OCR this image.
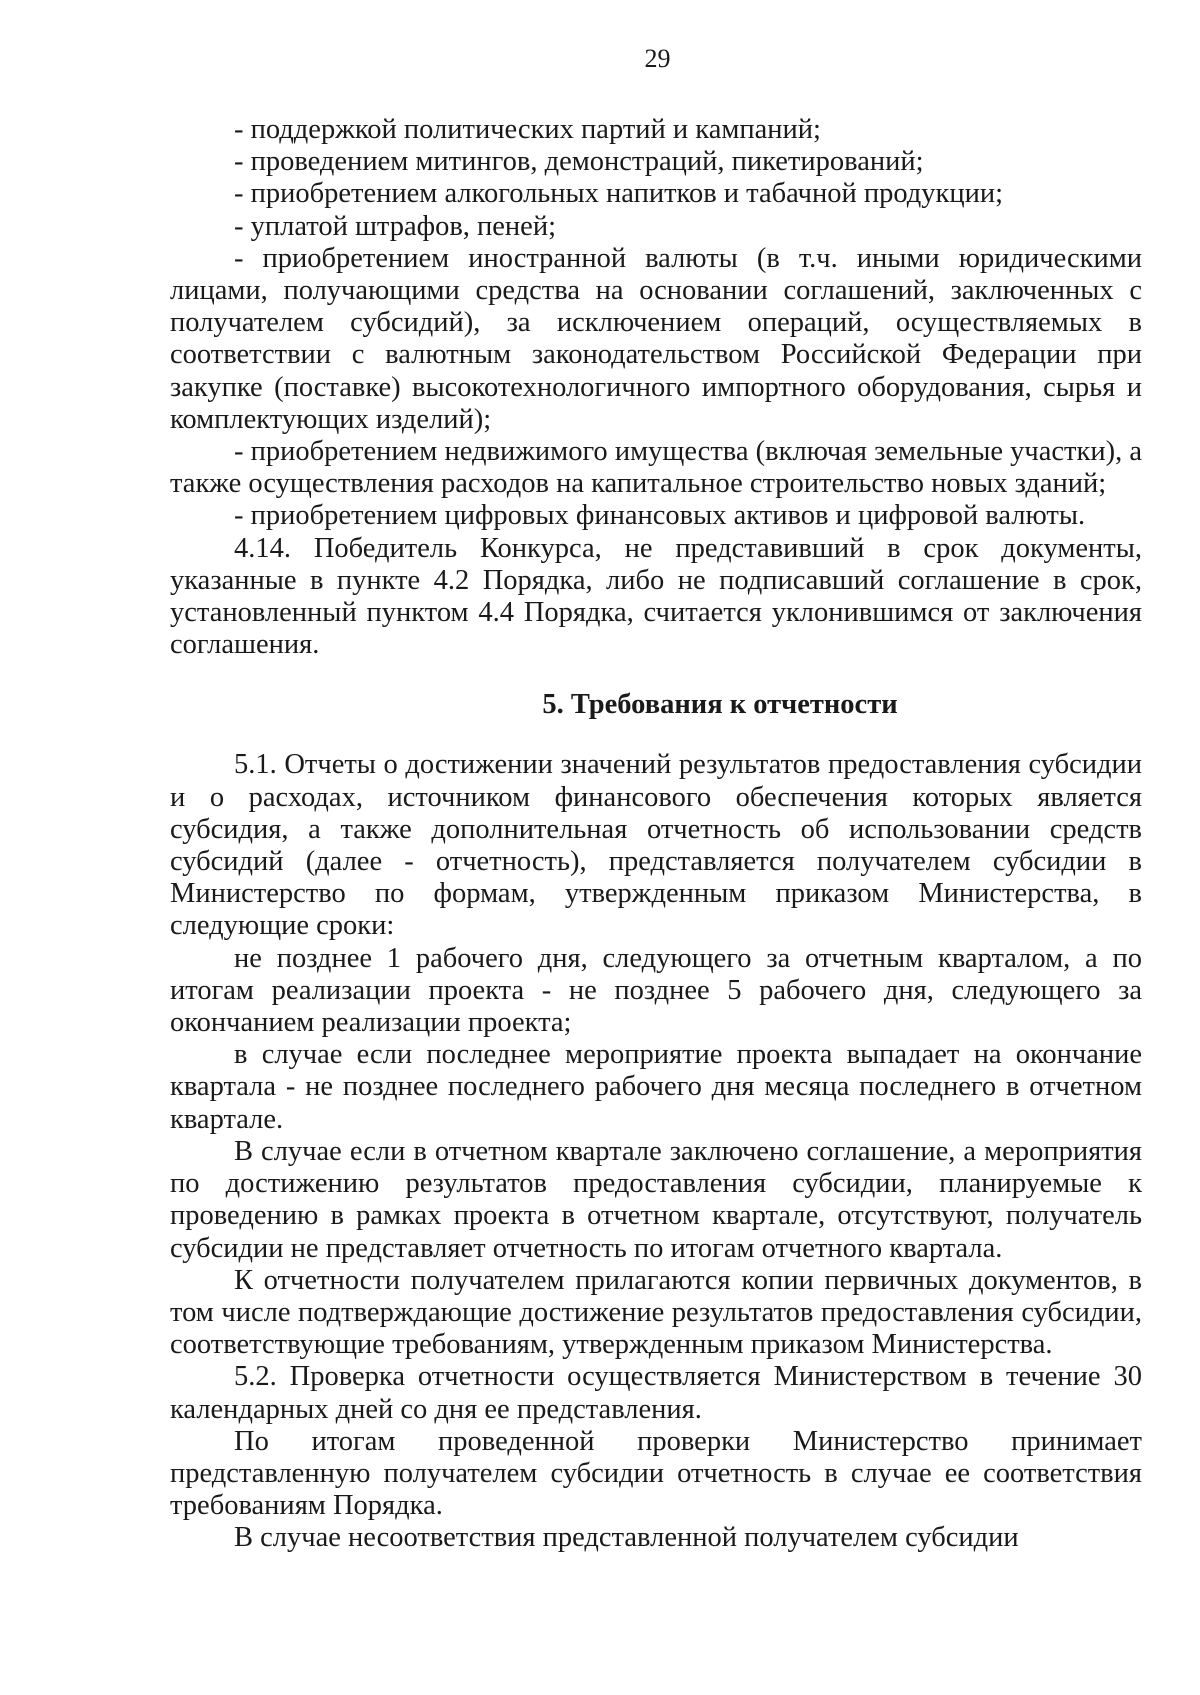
29

- поддержкой политических партий и кампаний;

- проведением митингов, демонстраций, пикетирований;

- приобретением алкогольных напитков и табачной продукции;

- уплатой штрафов, пеней;

- приобретением иностранной валюты (в т.ч. иными юридическими лицами, получающими средства на основании соглашений, заключенных с получателем субсидий), за исключением операций, осуществляемых в соответствии с валютным законодательством Российской Федерации при закупке (поставке) высокотехнологичного импортного оборудования, сырья и комплектующих изделий);

- приобретением недвижимого имущества (включая земельные участки), а также осуществления расходов на капитальное строительство новых зданий;

- приобретением цифровых финансовых активов и цифровой валюты.

4.14. Победитель Конкурса, не представивший в срок документы, указанные в пункте 4.2 Порядка, либо не подписавший соглашение в срок, установленный пунктом 4.4 Порядка, считается уклонившимся от заключения соглашения.

5. Требования к отчетности

5.1. Отчеты о достижении значений результатов предоставления субсидии и о расходах, источником финансового обеспечения которых является субсидия, а также дополнительная отчетность об использовании средств субсидий (далее - отчетность), представляется получателем субсидии в Министерство по формам, утвержденным приказом Министерства, в следующие сроки:

не позднее 1 рабочего дня, следующего за отчетным кварталом, а по итогам реализации проекта - не позднее 5 рабочего дня, следующего за окончанием реализации проекта;

в случае если последнее мероприятие проекта выпадает на окончание квартала - не позднее последнего рабочего дня месяца последнего в отчетном квартале.

В случае если в отчетном квартале заключено соглашение, а мероприятия по достижению результатов предоставления субсидии, планируемые к проведению в рамках проекта в отчетном квартале, отсутствуют, получатель субсидии не представляет отчетность по итогам отчетного квартала.

К отчетности получателем прилагаются копии первичных документов, в том числе подтверждающие достижение результатов предоставления субсидии, соответствующие требованиям, утвержденным приказом Министерства.

5.2. Проверка отчетности осуществляется Министерством в течение 30 календарных дней со дня ее представления.

По итогам проведенной проверки Министерство принимает представленную получателем субсидии отчетность в случае ее соответствия требованиям Порядка.

В случае несоответствия представленной получателем субсидии
